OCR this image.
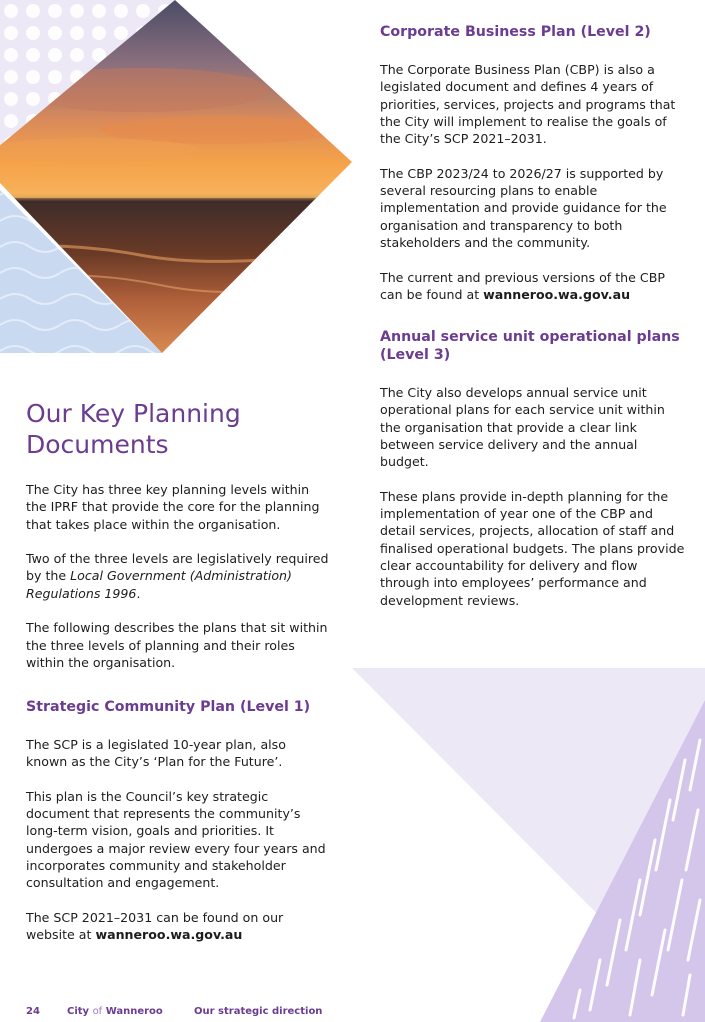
Our Key Planning
Documents

The City has three key planning levels within the IPRF that provide the core for the planning that takes place within the organisation.

Two of the three levels are legislatively required by the Local Government (Administration) Regulations 1996.

The following describes the plans that sit within the three levels of planning and their roles within the organisation.

Strategic Community Plan (Level 1)

The SCP is a legislated 10-year plan, also known as the City’s ‘Plan for the Future’.

This plan is the Council’s key strategic document that represents the community’s long-term vision, goals and priorities. It undergoes a major review every four years and incorporates community and stakeholder consultation and engagement.

The SCP 2021–2031 can be found on our website at wanneroo.wa.gov.au

Corporate Business Plan (Level 2)

The Corporate Business Plan (CBP) is also a legislated document and defines 4 years of priorities, services, projects and programs that the City will implement to realise the goals of the City’s SCP 2021–2031.

The CBP 2023/24 to 2026/27 is supported by several resourcing plans to enable implementation and provide guidance for the organisation and transparency to both stakeholders and the community.

The current and previous versions of the CBP can be found at wanneroo.wa.gov.au

Annual service unit operational plans
(Level 3)

The City also develops annual service unit operational plans for each service unit within the organisation that provide a clear link between service delivery and the annual budget.

These plans provide in-depth planning for the implementation of year one of the CBP and detail services, projects, allocation of staff and finalised operational budgets. The plans provide clear accountability for delivery and flow through into employees’ performance and development reviews.

24	City of Wanneroo	Our strategic direction
